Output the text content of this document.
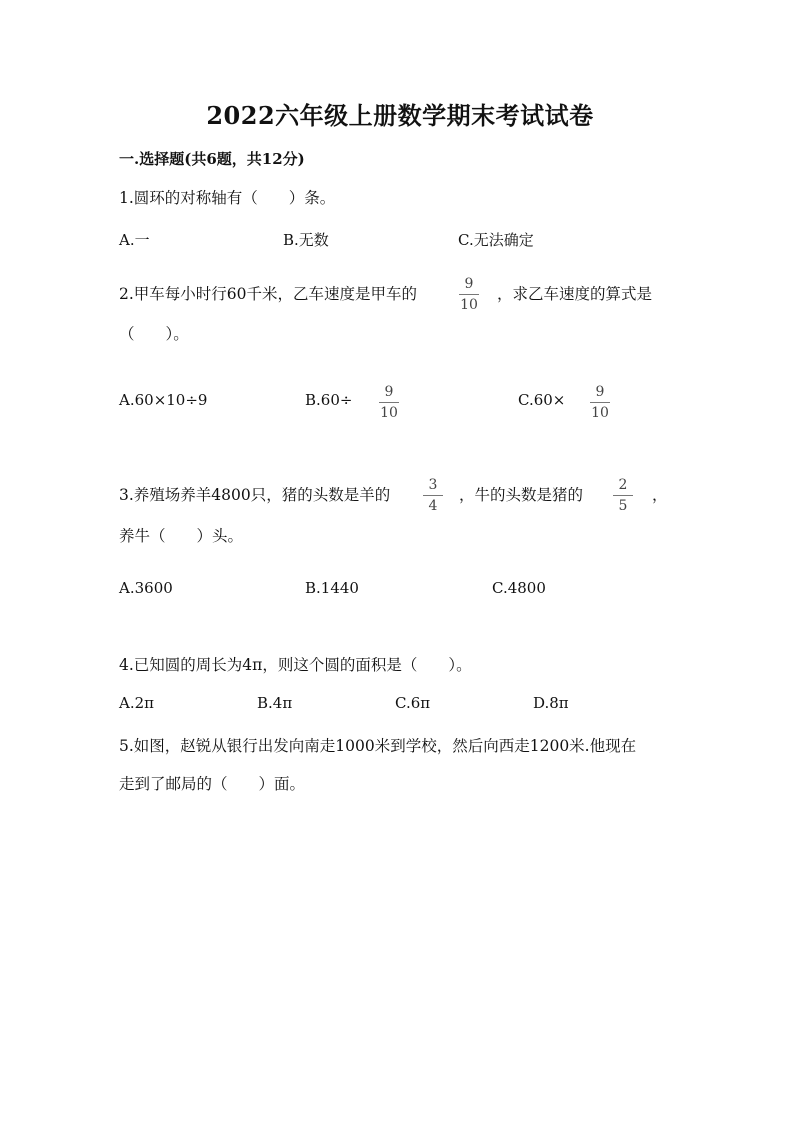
2022六年级上册数学期末考试试卷
一.选择题(共6题，共12分)
1.圆环的对称轴有（　　）条。
A.一	B.无数	C.无法确定
2.甲车每小时行60千米，乙车速度是甲车的
9
10
，求乙车速度的算式是
（　　）。
A.60×10÷9	B.60÷	9
10
C.60×	9
10
3.养殖场养羊4800只，猪的头数是羊的
3
4
，牛的头数是猪的
2
5
，
养牛（　　）头。
A.3600	B.1440	C.4800
4.已知圆的周长为4π，则这个圆的面积是（　　）。
A.2π	B.4π	C.6π	D.8π
5.如图，赵锐从银行出发向南走1000米到学校，然后向西走1200米.他现在
走到了邮局的（　　）面。
